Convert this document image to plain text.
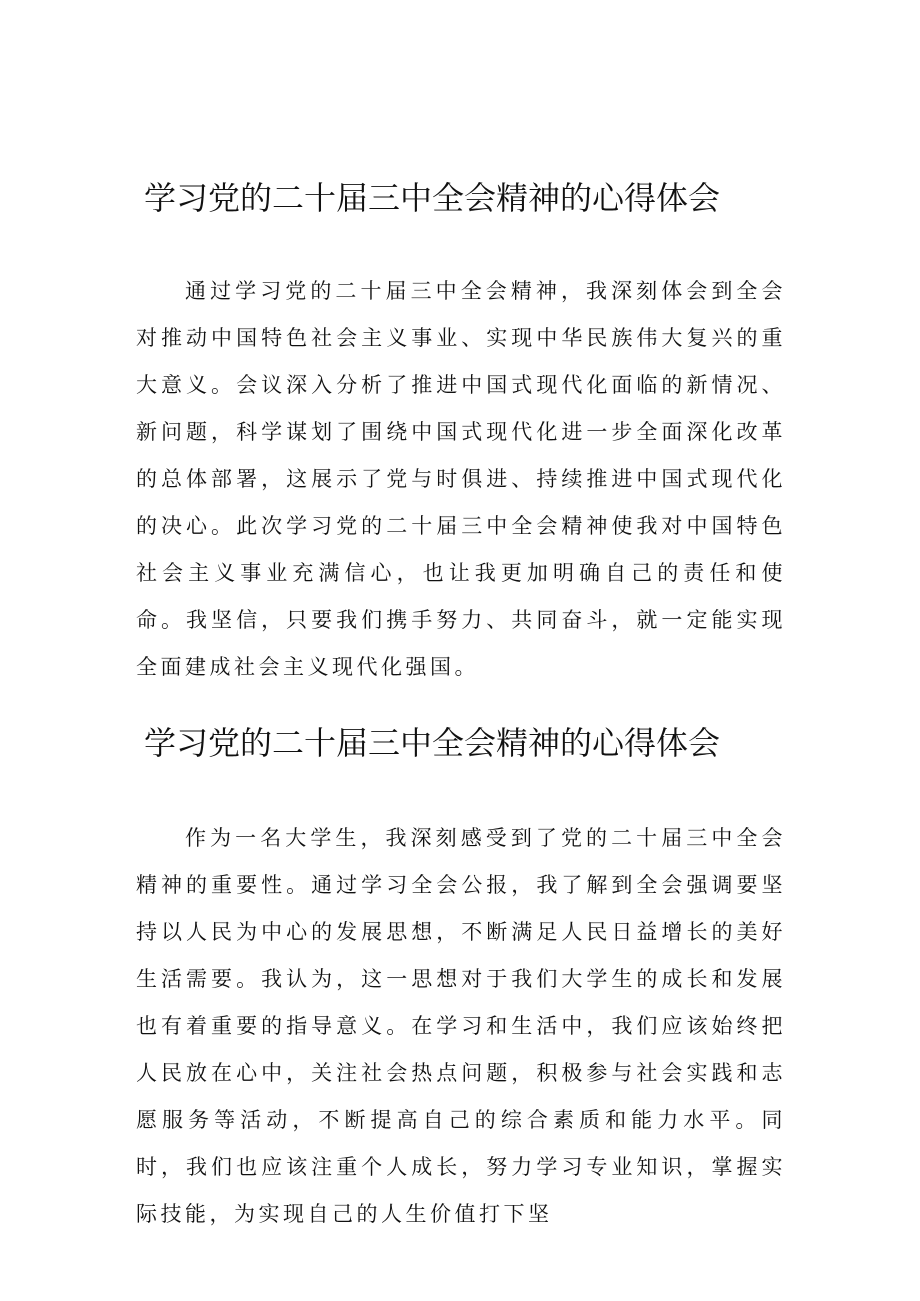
学习党的二十届三中全会精神的心得体会

通过学习党的二十届三中全会精神，我深刻体会到全会对推动中国特色社会主义事业、实现中华民族伟大复兴的重大意义。会议深入分析了推进中国式现代化面临的新情况、新问题，科学谋划了围绕中国式现代化进一步全面深化改革的总体部署，这展示了党与时俱进、持续推进中国式现代化的决心。此次学习党的二十届三中全会精神使我对中国特色社会主义事业充满信心，也让我更加明确自己的责任和使命。我坚信，只要我们携手努力、共同奋斗，就一定能实现全面建成社会主义现代化强国。

学习党的二十届三中全会精神的心得体会

作为一名大学生，我深刻感受到了党的二十届三中全会精神的重要性。通过学习全会公报，我了解到全会强调要坚持以人民为中心的发展思想，不断满足人民日益增长的美好生活需要。我认为，这一思想对于我们大学生的成长和发展也有着重要的指导意义。在学习和生活中，我们应该始终把人民放在心中，关注社会热点问题，积极参与社会实践和志愿服务等活动，不断提高自己的综合素质和能力水平。同时，我们也应该注重个人成长，努力学习专业知识，掌握实际技能，为实现自己的人生价值打下坚
